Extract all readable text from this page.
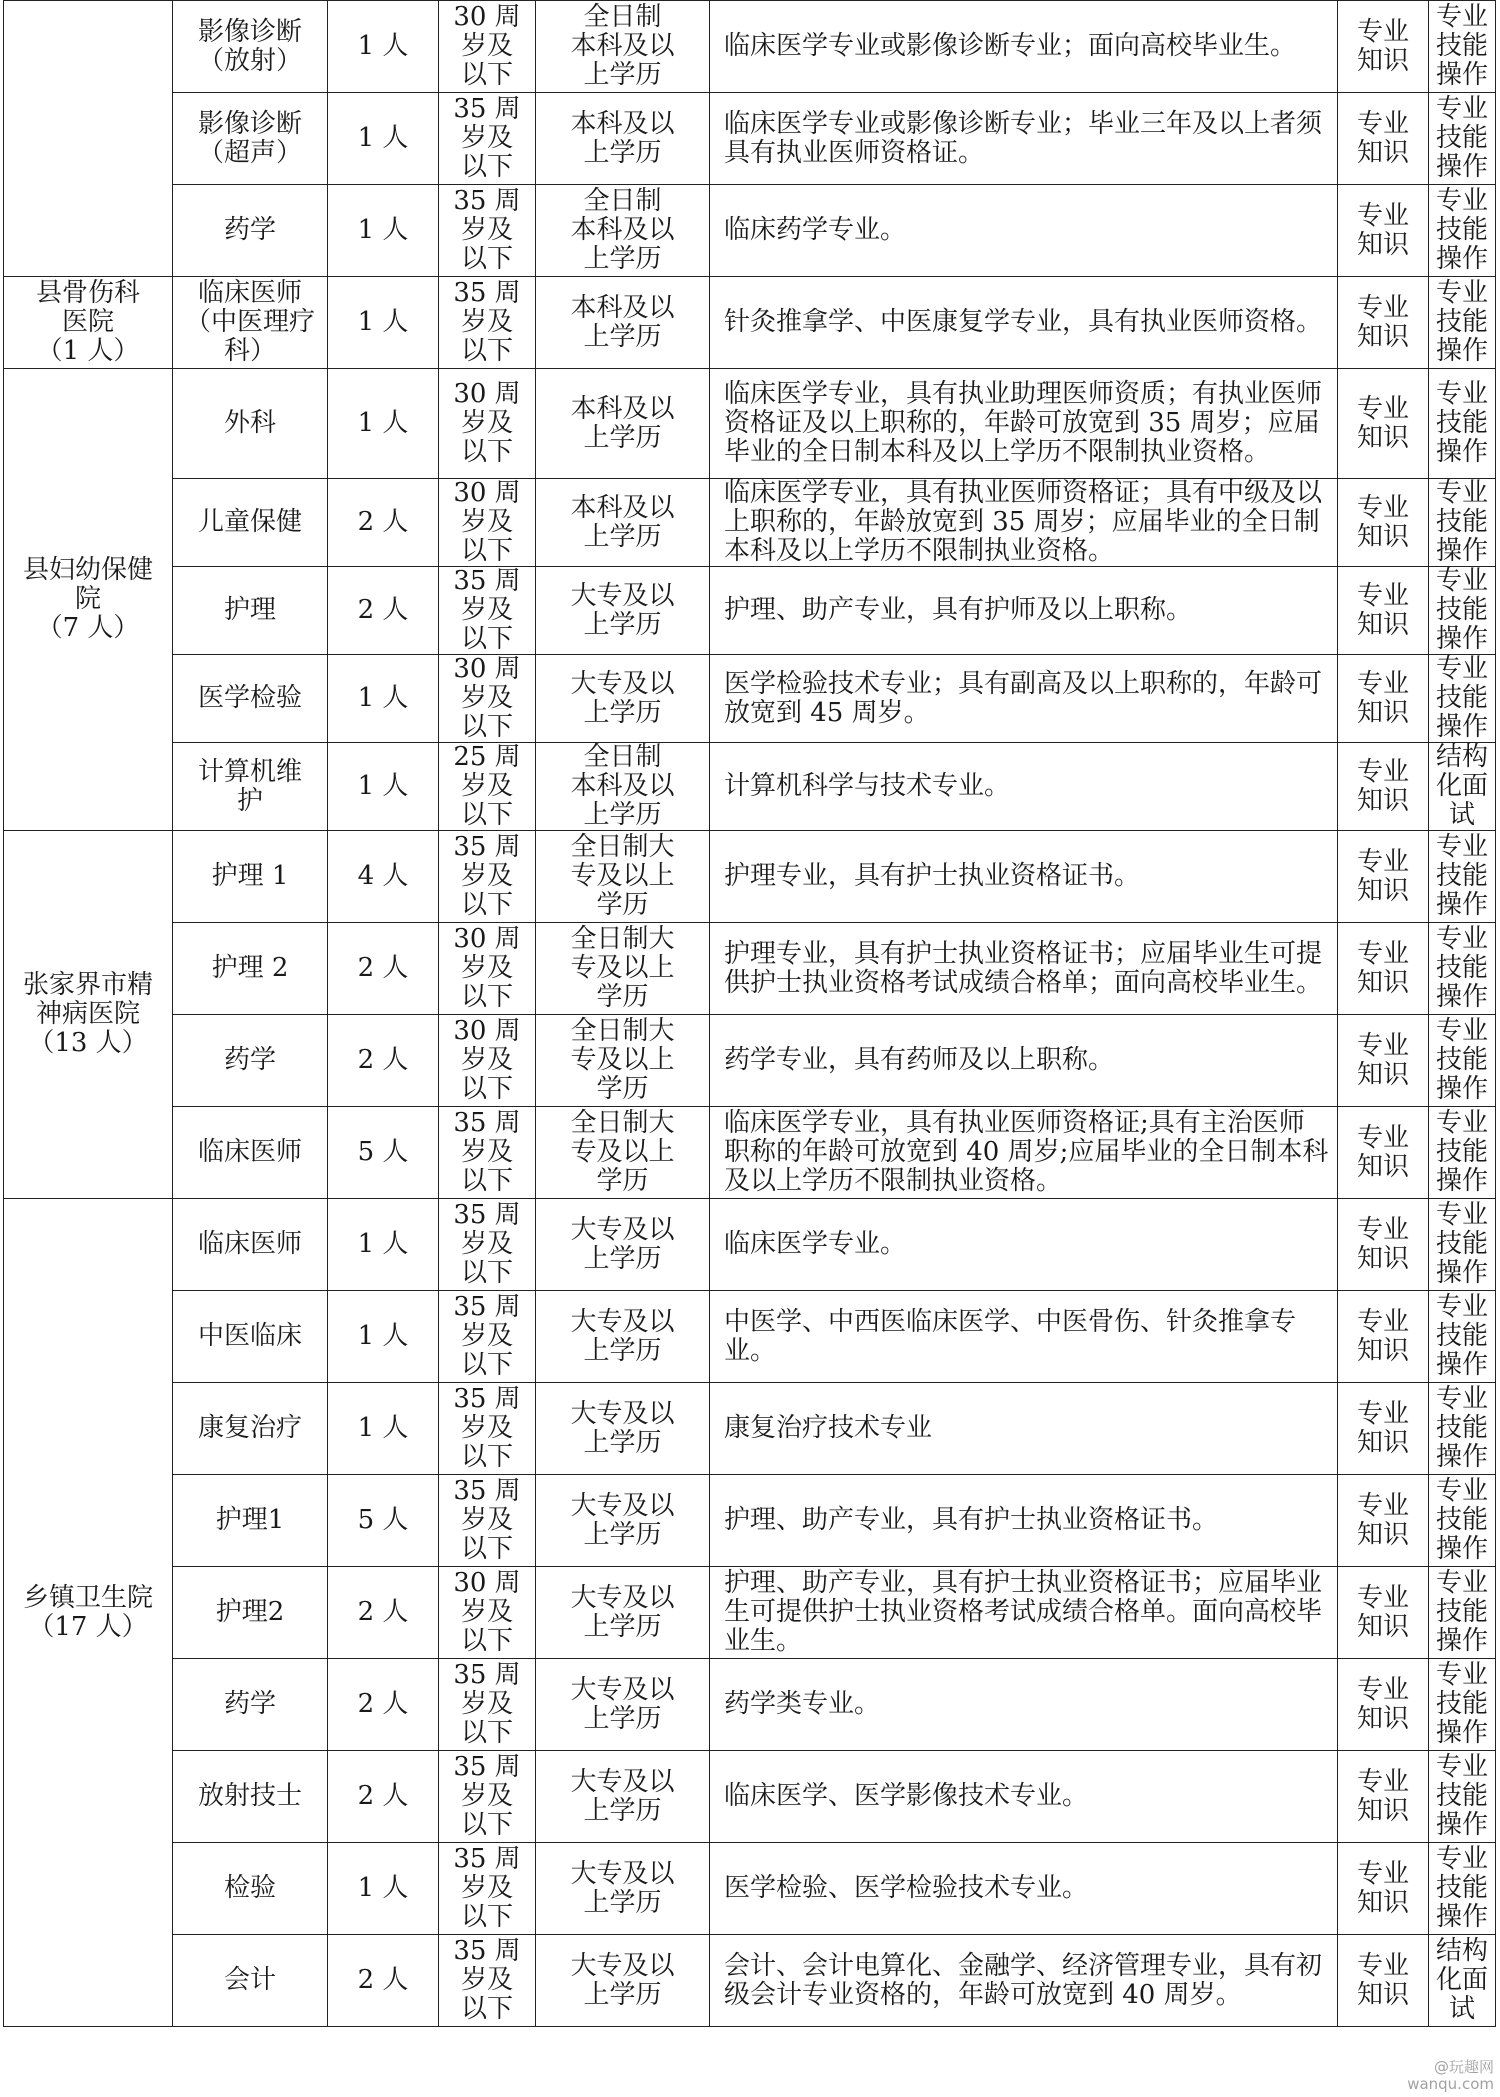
	影像诊断
（放射）	1 人	30 周
岁及
以下	全日制
本科及以
上学历	临床医学专业或影像诊断专业；面向高校毕业生。	专业
知识	专业
技能
操作
	影像诊断
（超声）	1 人	35 周
岁及
以下	本科及以
上学历	临床医学专业或影像诊断专业；毕业三年及以上者须具有执业医师资格证。	专业
知识	专业
技能
操作
	药学	1 人	35 周
岁及
以下	全日制
本科及以
上学历	临床药学专业。	专业
知识	专业
技能
操作
县骨伤科
医院
（1 人）	临床医师
（中医理疗
科）	1 人	35 周
岁及
以下	本科及以
上学历	针灸推拿学、中医康复学专业，具有执业医师资格。	专业
知识	专业
技能
操作
县妇幼保健
院
（7 人）	外科	1 人	30 周
岁及
以下	本科及以
上学历	临床医学专业，具有执业助理医师资质；有执业医师资格证及以上职称的，年龄可放宽到 35 周岁；应届毕业的全日制本科及以上学历不限制执业资格。	专业
知识	专业
技能
操作
	儿童保健	2 人	30 周
岁及
以下	本科及以
上学历	临床医学专业，具有执业医师资格证；具有中级及以上职称的，年龄放宽到 35 周岁；应届毕业的全日制本科及以上学历不限制执业资格。	专业
知识	专业
技能
操作
	护理	2 人	35 周
岁及
以下	大专及以
上学历	护理、助产专业，具有护师及以上职称。	专业
知识	专业
技能
操作
	医学检验	1 人	30 周
岁及
以下	大专及以
上学历	医学检验技术专业；具有副高及以上职称的，年龄可放宽到 45 周岁。	专业
知识	专业
技能
操作
	计算机维
护	1 人	25 周
岁及
以下	全日制
本科及以
上学历	计算机科学与技术专业。	专业
知识	结构
化面
试
张家界市精
神病医院
（13 人）	护理 1	4 人	35 周
岁及
以下	全日制大
专及以上
学历	护理专业，具有护士执业资格证书。	专业
知识	专业
技能
操作
	护理 2	2 人	30 周
岁及
以下	全日制大
专及以上
学历	护理专业，具有护士执业资格证书；应届毕业生可提供护士执业资格考试成绩合格单；面向高校毕业生。	专业
知识	专业
技能
操作
	药学	2 人	30 周
岁及
以下	全日制大
专及以上
学历	药学专业，具有药师及以上职称。	专业
知识	专业
技能
操作
	临床医师	5 人	35 周
岁及
以下	全日制大
专及以上
学历	临床医学专业，具有执业医师资格证;具有主治医师职称的年龄可放宽到 40 周岁;应届毕业的全日制本科及以上学历不限制执业资格。	专业
知识	专业
技能
操作
乡镇卫生院
（17 人）	临床医师	1 人	35 周
岁及
以下	大专及以
上学历	临床医学专业。	专业
知识	专业
技能
操作
	中医临床	1 人	35 周
岁及
以下	大专及以
上学历	中医学、中西医临床医学、中医骨伤、针灸推拿专业。	专业
知识	专业
技能
操作
	康复治疗	1 人	35 周
岁及
以下	大专及以
上学历	康复治疗技术专业	专业
知识	专业
技能
操作
	护理1	5 人	35 周
岁及
以下	大专及以
上学历	护理、助产专业，具有护士执业资格证书。	专业
知识	专业
技能
操作
	护理2	2 人	30 周
岁及
以下	大专及以
上学历	护理、助产专业，具有护士执业资格证书；应届毕业生可提供护士执业资格考试成绩合格单。面向高校毕业生。	专业
知识	专业
技能
操作
	药学	2 人	35 周
岁及
以下	大专及以
上学历	药学类专业。	专业
知识	专业
技能
操作
	放射技士	2 人	35 周
岁及
以下	大专及以
上学历	临床医学、医学影像技术专业。	专业
知识	专业
技能
操作
	检验	1 人	35 周
岁及
以下	大专及以
上学历	医学检验、医学检验技术专业。	专业
知识	专业
技能
操作
	会计	2 人	35 周
岁及
以下	大专及以
上学历	会计、会计电算化、金融学、经济管理专业，具有初级会计专业资格的，年龄可放宽到 40 周岁。	专业
知识	结构
化面
试
@玩趣网
wanqu.com
